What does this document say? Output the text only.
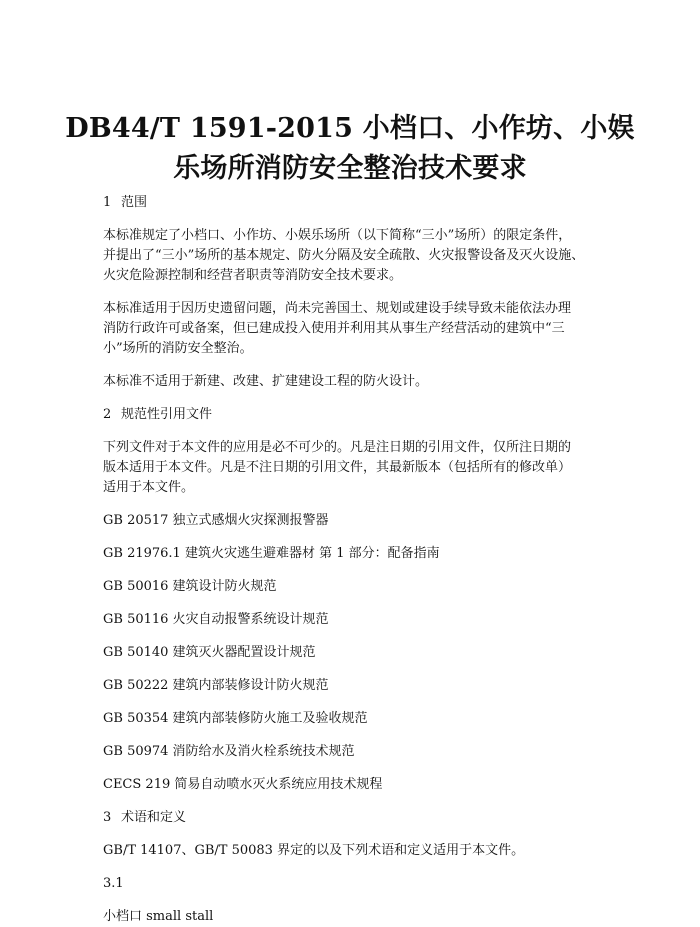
DB44/T 1591-2015 小档口、小作坊、小娱
乐场所消防安全整治技术要求

1 范围

本标准规定了小档口、小作坊、小娱乐场所（以下简称“三小”场所）的限定条件，
并提出了“三小”场所的基本规定、防火分隔及安全疏散、火灾报警设备及灭火设施、
火灾危险源控制和经营者职责等消防安全技术要求。

本标准适用于因历史遗留问题，尚未完善国土、规划或建设手续导致未能依法办理
消防行政许可或备案，但已建成投入使用并利用其从事生产经营活动的建筑中“三
小”场所的消防安全整治。

本标准不适用于新建、改建、扩建建设工程的防火设计。

2 规范性引用文件

下列文件对于本文件的应用是必不可少的。凡是注日期的引用文件，仅所注日期的
版本适用于本文件。凡是不注日期的引用文件，其最新版本（包括所有的修改单）
适用于本文件。

GB 20517 独立式感烟火灾探测报警器

GB 21976.1 建筑火灾逃生避难器材 第 1 部分：配备指南

GB 50016 建筑设计防火规范

GB 50116 火灾自动报警系统设计规范

GB 50140 建筑灭火器配置设计规范

GB 50222 建筑内部装修设计防火规范

GB 50354 建筑内部装修防火施工及验收规范

GB 50974 消防给水及消火栓系统技术规范

CECS 219 简易自动喷水灭火系统应用技术规程

3 术语和定义

GB/T 14107、GB/T 50083 界定的以及下列术语和定义适用于本文件。

3.1

小档口 small stall
